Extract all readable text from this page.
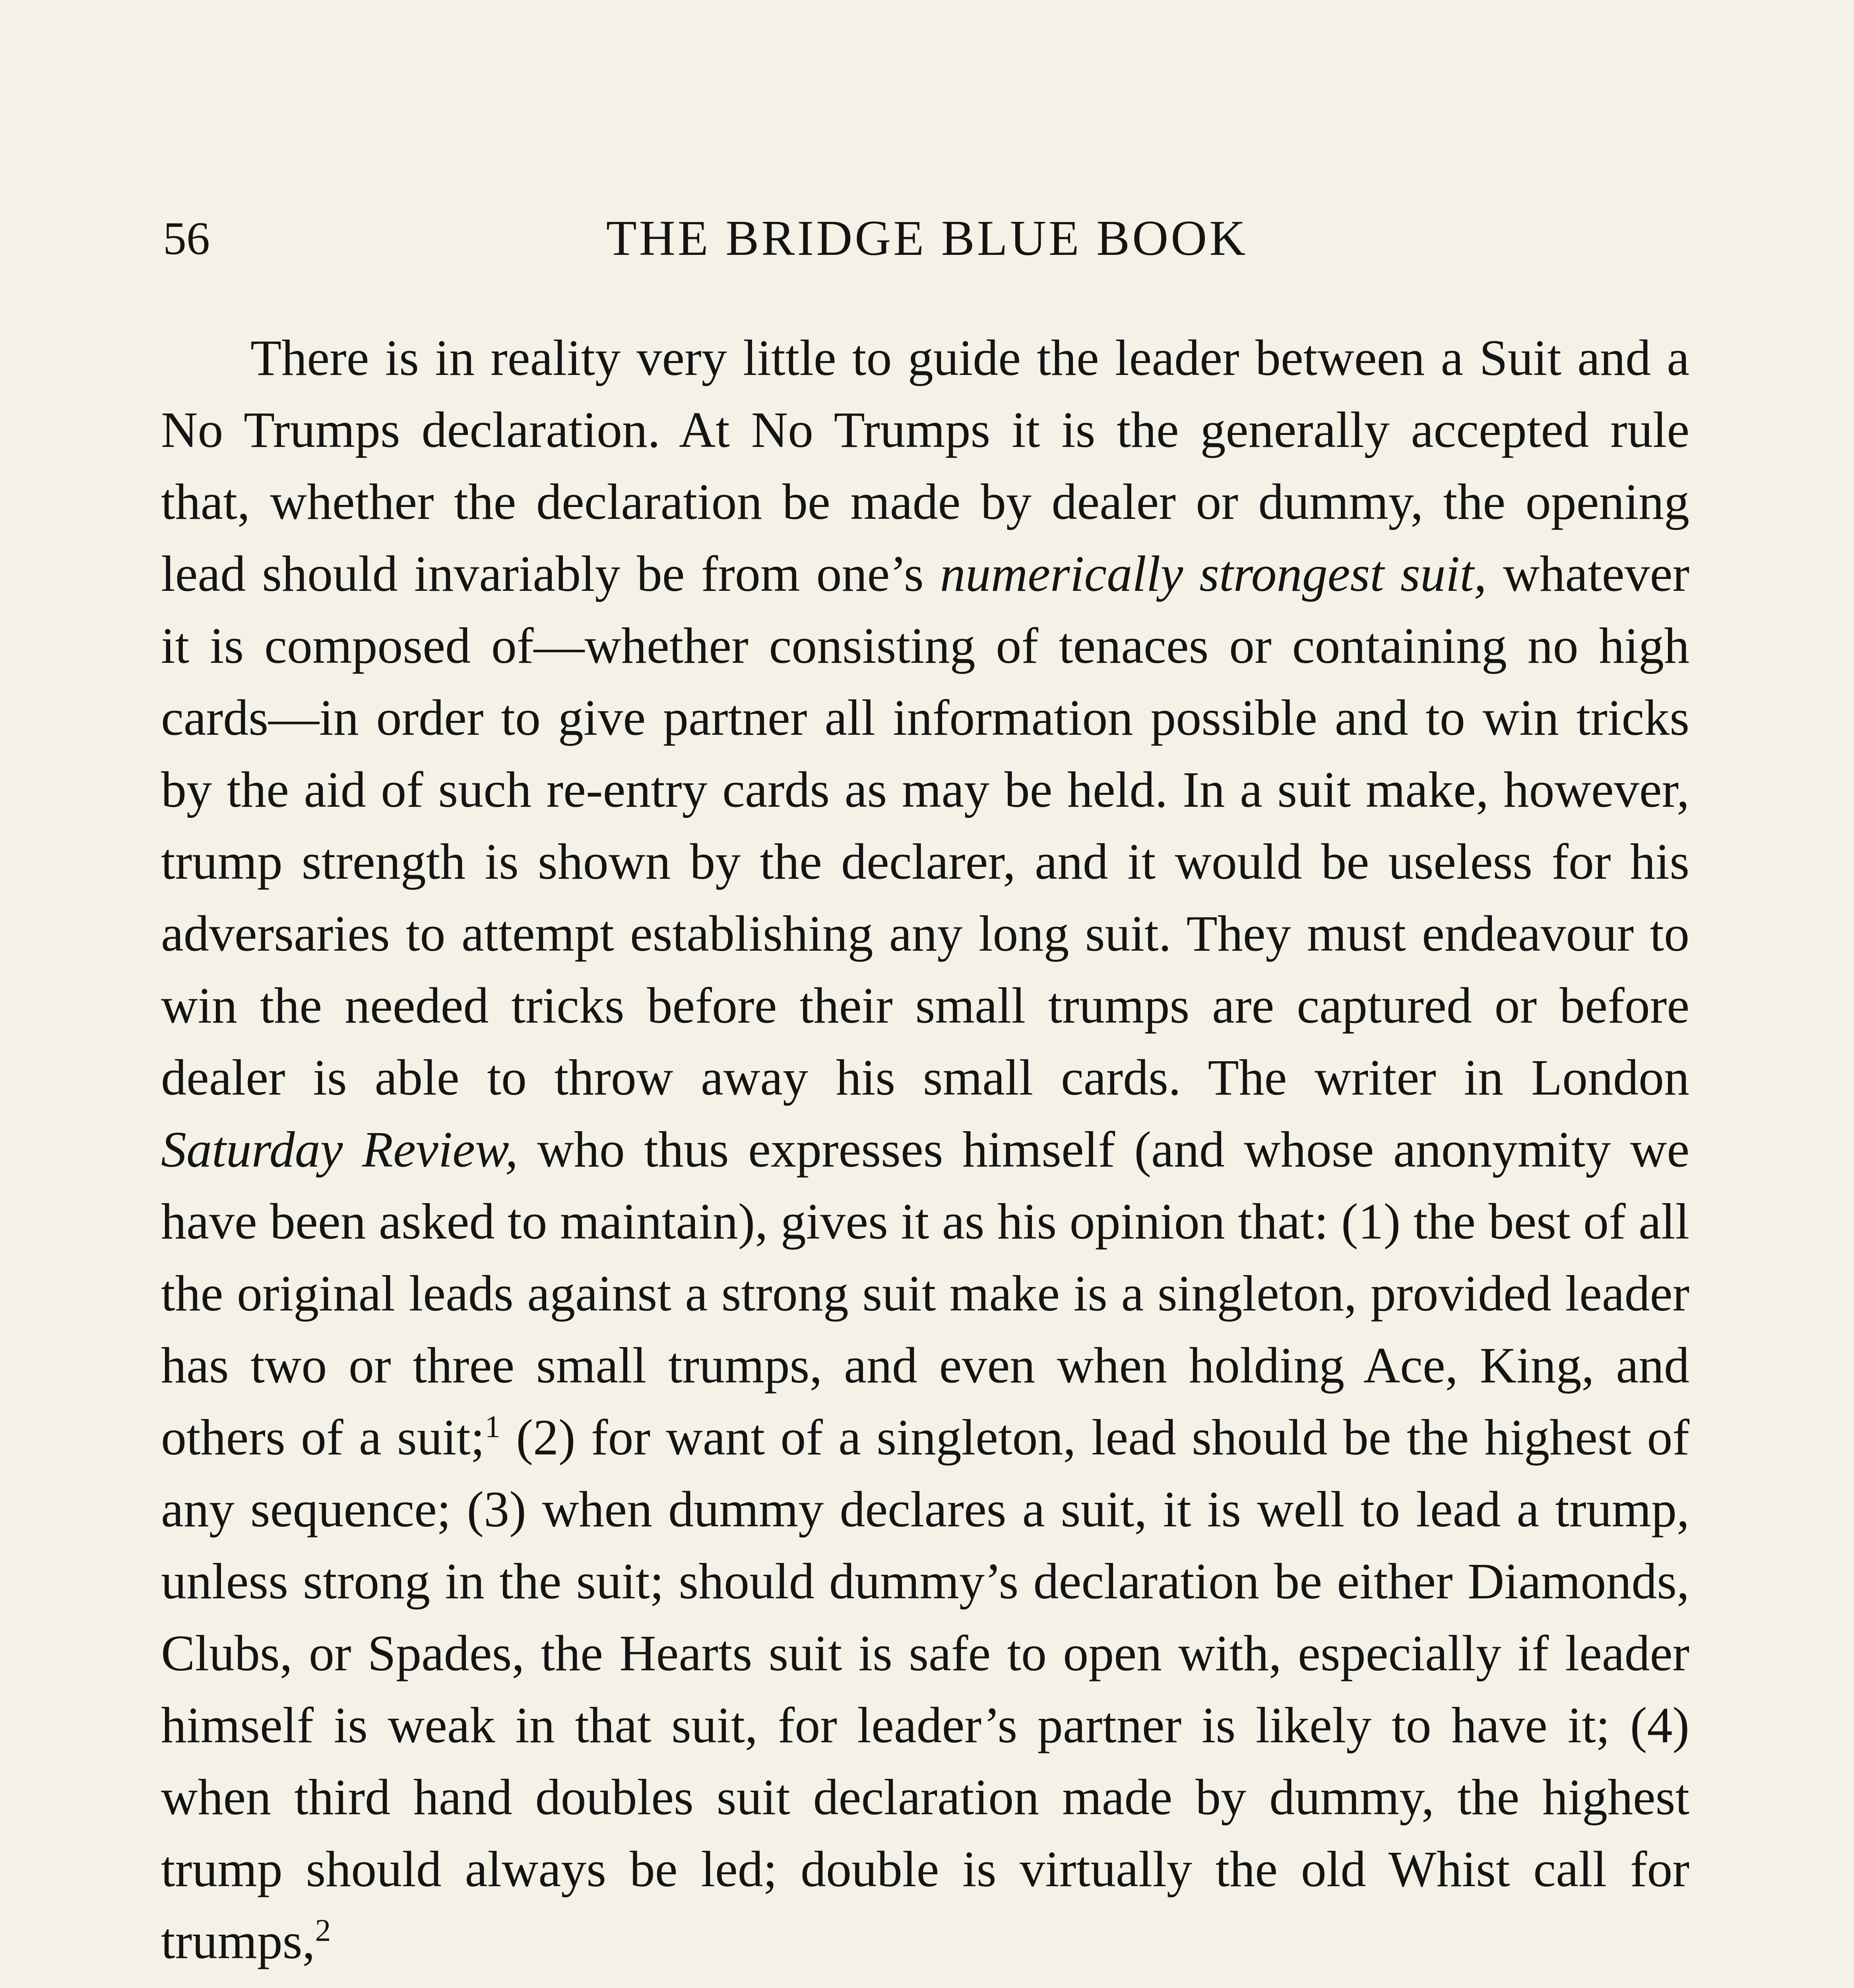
56	THE BRIDGE BLUE BOOK

There is in reality very little to guide the leader between a Suit and a No Trumps declaration. At No Trumps it is the generally accepted rule that, whether the declaration be made by dealer or dummy, the opening lead should invariably be from one’s numerically strongest suit, whatever it is composed of—whether consisting of tenaces or containing no high cards—in order to give partner all information possible and to win tricks by the aid of such re-entry cards as may be held. In a suit make, however, trump strength is shown by the declarer, and it would be useless for his adversaries to attempt establishing any long suit. They must endeavour to win the needed tricks before their small trumps are captured or before dealer is able to throw away his small cards. The writer in London Saturday Review, who thus expresses himself (and whose anonymity we have been asked to maintain), gives it as his opinion that: (1) the best of all the original leads against a strong suit make is a singleton, provided leader has two or three small trumps, and even when holding Ace, King, and others of a suit;$^1$ (2) for want of a singleton, lead should be the highest of any sequence; (3) when dummy declares a suit, it is well to lead a trump, unless strong in the suit; should dummy’s declaration be either Diamonds, Clubs, or Spades, the Hearts suit is safe to open with, especially if leader himself is weak in that suit, for leader’s partner is likely to have it; (4) when third hand doubles suit declaration made by dummy, the highest trump should always be led; double is virtually the old Whist call for trumps,$^2$
